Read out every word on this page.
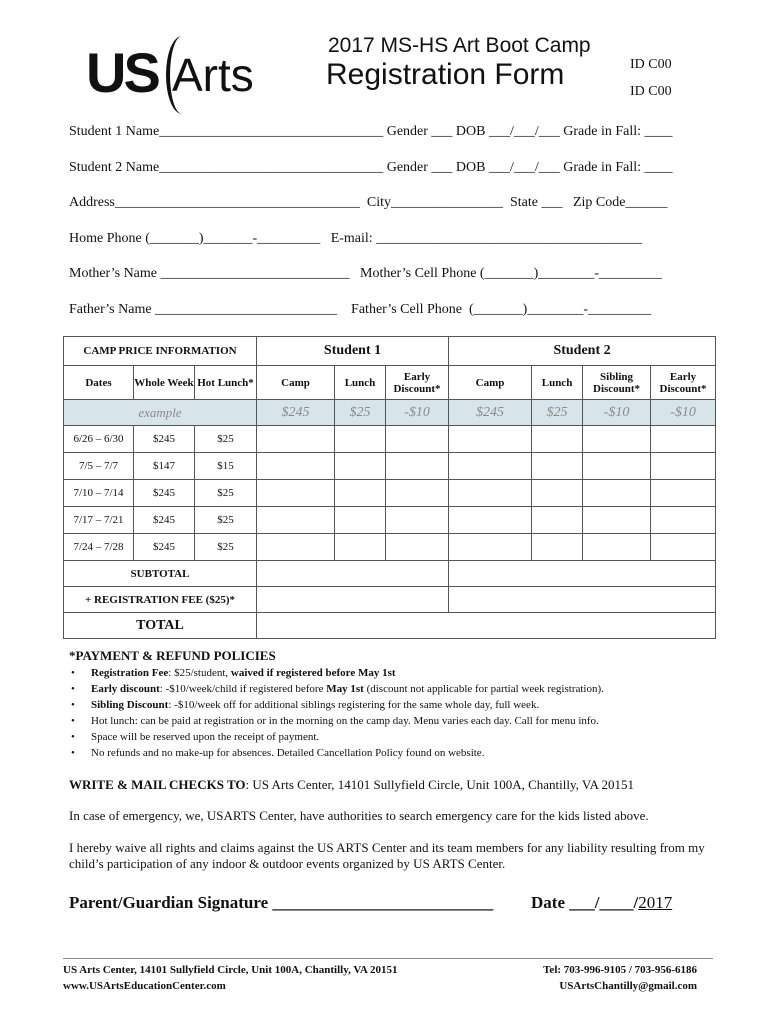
US Arts
2017 MS-HS Art Boot Camp
Registration Form	ID C00
ID C00
Student 1 Name________________________________ Gender ___ DOB ___/___/___ Grade in Fall: ____
Student 2 Name________________________________ Gender ___ DOB ___/___/___ Grade in Fall: ____
Address___________________________________  City________________  State ___   Zip Code______
Home Phone (_______)_______-_________   E-mail: ______________________________________
Mother’s Name ___________________________   Mother’s Cell Phone (_______)________-_________
Father’s Name __________________________    Father’s Cell Phone  (_______)________-_________
CAMP PRICE INFORMATION			Student 1			Student 2			
Dates	Whole Week	Hot Lunch*	Camp	Lunch	Early Discount*	Camp	Lunch	Sibling Discount*	Early Discount*
example			$245	$25	-$10	$245	$25	-$10	-$10
6/26 – 6/30	$245	$25							
7/5 – 7/7	$147	$15							
7/10 – 7/14	$245	$25							
7/17 – 7/21	$245	$25							
7/24 – 7/28	$245	$25							
SUBTOTAL									
+ REGISTRATION FEE ($25)*									
TOTAL									
*PAYMENT & REFUND POLICIES
• Registration Fee: $25/student, waived if registered before May 1st
• Early discount: -$10/week/child if registered before May 1st (discount not applicable for partial week registration).
• Sibling Discount: -$10/week off for additional siblings registering for the same whole day, full week.
• Hot lunch: can be paid at registration or in the morning on the camp day. Menu varies each day. Call for menu info.
• Space will be reserved upon the receipt of payment.
• No refunds and no make-up for absences. Detailed Cancellation Policy found on website.
WRITE & MAIL CHECKS TO: US Arts Center, 14101 Sullyfield Circle, Unit 100A, Chantilly, VA 20151
In case of emergency, we, USARTS Center, have authorities to search emergency care for the kids listed above.
I hereby waive all rights and claims against the US ARTS Center and its team members for any liability resulting from my child’s participation of any indoor & outdoor events organized by US ARTS Center.
Parent/Guardian Signature __________________________ Date ___/____/2017
US Arts Center, 14101 Sullyfield Circle, Unit 100A, Chantilly, VA 20151
www.USArtsEducationCenter.com
Tel: 703-996-9105 / 703-956-6186
USArtsChantilly@gmail.com
